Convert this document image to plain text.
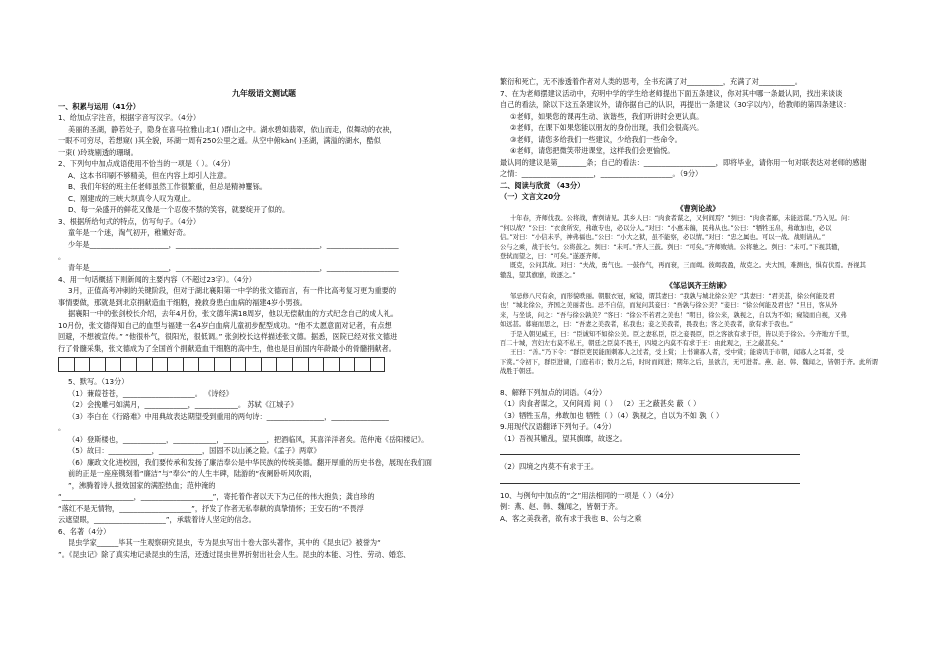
九年级语文测试题
一、积累与运用（41分）
1、给加点字注音，根据字音写汉字。（4分）
美丽的圣湖，静若处子，隐身在喜马拉雅山北1( )群山之中。湖水碧如翡翠，依山而走，似舞动的衣袂，
一眼不可穷尽，若想窥( )其全貌，环湖一周有250公里之遥。从空中俯kàn( )圣湖，满溢的湖水，酷似
一束( )玲珑剔透的珊瑚。
2、下列句中加点成语使用不恰当的一项是（ ）。（4分）
A、这本书印刷不够精美，但在内容上却引人注意。
B、我们年轻的班主任老师虽然工作很繁重，但总是精神矍铄。
C、刚建成的三峡大坝真令人叹为观止。
D、每一朵盛开的鲜花又像是一个忍俊不禁的笑容，就要绽开了似的。
3、根据所给句式的特点，仿写句子。（4分）
童年是一个迷，淘气初开，稚嫩好奇。
少年是______________________，________________________________________，____________________
。
青年是______________________，________________________________________，____________________
4、用一句话概括下则新闻的主要内容（不超过23字）。（4分）
3月，正值高考冲刺的关键阶段，但对于湖北襄阳第一中学的张文德而言，有一件比高考复习更为重要的
事情要做，那就是到北京捐献造血干细胞，挽救身患白血病的福建4岁小男孩。
据襄阳一中的张剑校长介绍，去年4月份，张文德年满18周岁，他以无偿献血的方式纪念自己的成人礼。
10月份，张文德得知自己的血型与福建一名4岁白血病儿童初步配型成功。“他不太愿意面对记者，有点想
回避，不想被宣传。” “他很朴气，很阳光，很低调。” 张剑校长这样描述张文德。据悉，医院已经对张文德进
行了骨髓采集，张文德成为了全国首个捐献造血干细胞的高中生，他也是目前国内年龄最小的骨髓捐献者。
5、默写。（13分）
（1）蒹葭苍苍，____________________。 《诗经》
（2）会挽雕弓如满月，____________，____________。 苏轼《江城子》
（3）李白在《行路难》中用典故表达期望受到重用的两句诗：________________，________________
。
（4）登斯楼也，____________，____________，____________，把酒临风，其喜洋洋者矣。范仲淹《岳阳楼记》。
（5）故曰：____________，____________，国固不以山溪之险。《孟子》两章》
（6）廉政文化进校园，我们要传承和发扬了廉洁奉公是中华民族的传统美德。翻开厚重的历史书卷，展现在我们面
前的正是一座座镌刻着“廉洁”与“奉公”的人生丰碑，陆游的“夜阑卧听风吹雨，
”，沸腾着诗人报效国家的满腔热血；范仲淹的
“____________________，____________________”，寄托着作者以天下为己任的伟大抱负；龚自珍的
“落红不是无情物，____________________”，抒发了作者无私奉献的真挚情怀；王安石的“不畏浮
云遮望眼，____________________”，承载着诗人坚定的信念。
6、名著（4分）
昆虫学家______毕其一生观察研究昆虫，专为昆虫写出十卷大部头著作，其中的《昆虫记》被誉为“
”。《昆虫记》除了真实地记录昆虫的生活，还透过昆虫世界折射出社会人生。昆虫的本能、习性、劳动、婚恋、
繁衍和死亡，无不渗透着作者对人类的思考，全书充满了对__________，充满了对__________。
7、在为老师摆建议活动中，充明中学的学生给老师提出下面五条建议，你对其中哪一条最认同，找出来谈谈
自己的看法，除以下这五条建议外，请你据自己的认识，再提出一条建议（30字以内），给教师的第四条建议：
①老师，如果您的课再生动、诙谐些，我们听讲时会更认真。
②老师，在课下如果您能以朋友的身份出现，我们会很高兴。
③老师，请您多给我们一些建议，少给我们一些命令。
④老师，请您把微笑带进课堂，这样我们会更愉悦。
最认同的建议是第________条；自己的看法：____________________，即将毕业，请你用一句对联表达对老师的感谢
之情：____________________，____________________。（9分）
二、阅读与欣赏 （43分）
（一）文言文20分
《曹刿论战》
十年春，齐师伐我。公将战，曹刿请见。其乡人曰：“肉食者谋之，又何间焉？”刿曰：“肉食者鄙，未能远谋。”乃入见。问：
“何以战？”公曰：“衣食所安，弗敢专也，必以分人。”对曰：“小惠未徧，民弗从也。”公曰：“牺牲玉帛，弗敢加也，必以
信。”对曰：“小信未孚，神弗福也。”公曰：“小大之狱，虽不能察，必以情。”对曰：“忠之属也。可以一战。战则请从。”
公与之乘，战于长勺。公将鼓之。刿曰：“未可。”齐人三鼓。刿曰：“可矣。”齐师败绩。公将驰之。刿曰：“未可。”下视其辙，
登轼而望之，曰：“可矣。”遂逐齐师。
既克，公问其故。对曰：“夫战，勇气也。一鼓作气，再而衰，三而竭。彼竭我盈，故克之。夫大国，难测也，惧有伏焉。吾视其
辙乱，望其旗靡，故逐之。”
《邹忌讽齐王纳谏》
邹忌修八尺有余，而形貌昳丽。朝服衣冠，窥镜，谓其妻曰：“我孰与城北徐公美？”其妻曰：“君美甚，徐公何能及君
也！”城北徐公，齐国之美丽者也。忌不自信，而复问其妾曰：“吾孰与徐公美？”妾曰：“徐公何能及君也？”旦日，客从外
来，与坐谈，问之：“吾与徐公孰美？”客曰：“徐公不若君之美也！”明日，徐公来，孰视之，自以为不如；窥镜而自视，又弗
如远甚。暮寝而思之，曰：“吾妻之美我者，私我也；妾之美我者，畏我也；客之美我者，欲有求于我也。”
于是入朝见威王，曰：“臣诚知不如徐公美。臣之妻私臣，臣之妾畏臣，臣之客欲有求于臣，皆以美于徐公。今齐地方千里，
百二十城，宫妇左右莫不私王，朝廷之臣莫不畏王，四境之内莫不有求于王：由此观之，王之蔽甚矣。”
王曰：“善。”乃下令：“群臣吏民能面刺寡人之过者，受上赏；上书谏寡人者，受中赏；能谤讥于市朝，闻寡人之耳者，受
下赏。”令初下，群臣进谏，门庭若市；数月之后，时时而间进；期年之后，虽欲言，无可进者。燕、赵、韩、魏闻之，皆朝于齐。此所谓
战胜于朝廷。
8、解释下列加点的词语。（4分）
（1）肉食者谋之，又何间焉 间（ ） （2）王之蔽甚矣 蔽（ ）
（3）牺牲玉帛，弗敢加也 牺牲（ ）（4）孰视之，自以为不如 孰（ ）
9.用现代汉语翻译下列句子。（4分）
（1）吾视其辙乱，望其旗靡，故逐之。
（2）四境之内莫不有求于王。
10、与例句中加点的“之”用法相同的一项是（ ）（4分）
例：燕、赵、韩、魏闻之，皆朝于齐。
A、客之美我者，欲有求于我也 B、公与之乘
